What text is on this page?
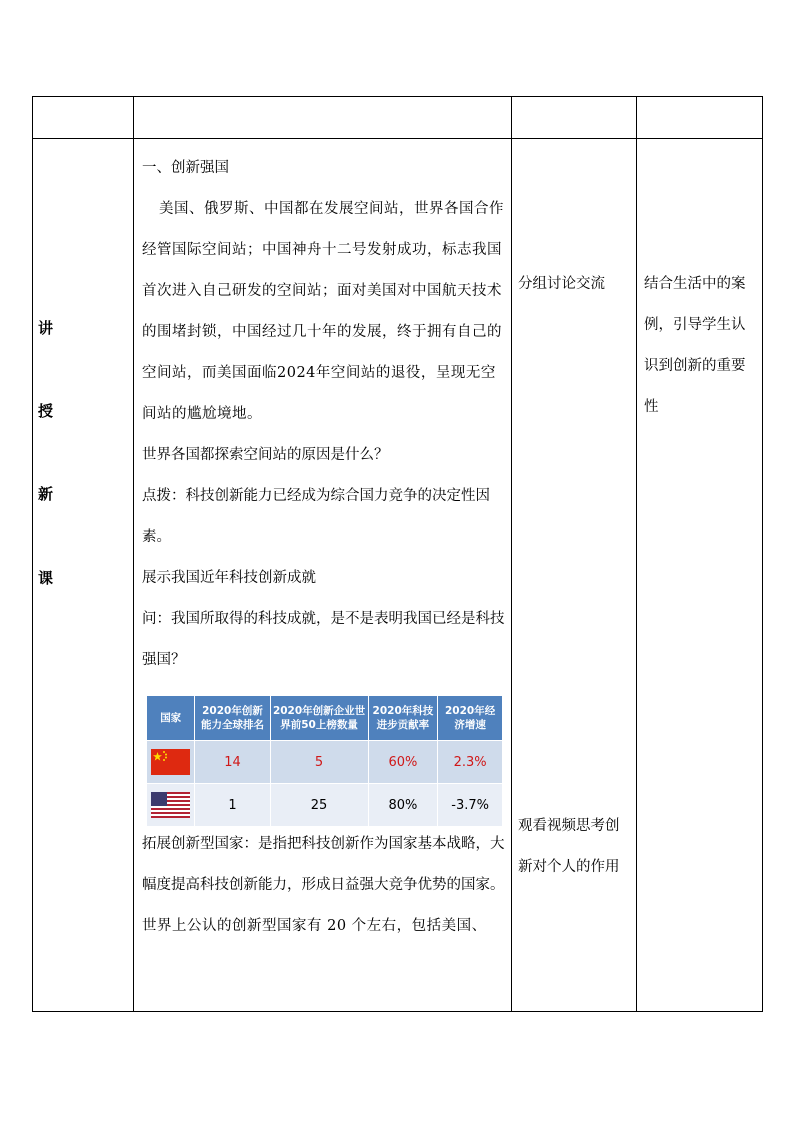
讲
授
新
课

一、创新强国

美国、俄罗斯、中国都在发展空间站，世界各国合作经管国际空间站；中国神舟十二号发射成功，标志我国首次进入自己研发的空间站；面对美国对中国航天技术的围堵封锁，中国经过几十年的发展，终于拥有自己的空间站，而美国面临2024年空间站的退役，呈现无空间站的尴尬境地。

世界各国都探索空间站的原因是什么？

点拨：科技创新能力已经成为综合国力竞争的决定性因素。

展示我国近年科技创新成就

问：我国所取得的科技成就，是不是表明我国已经是科技强国？

国家	2020年创新能力全球排名	2020年创新企业世界前50上榜数量	2020年科技进步贡献率	2020年经济增速
	14	5	60%	2.3%
	1	25	80%	-3.7%

拓展创新型国家：是指把科技创新作为国家基本战略，大幅度提高科技创新能力，形成日益强大竞争优势的国家。

世界上公认的创新型国家有 20 个左右，包括美国、

分组讨论交流
观看视频思考创新对个人的作用
结合生活中的案例，引导学生认识到创新的重要性
